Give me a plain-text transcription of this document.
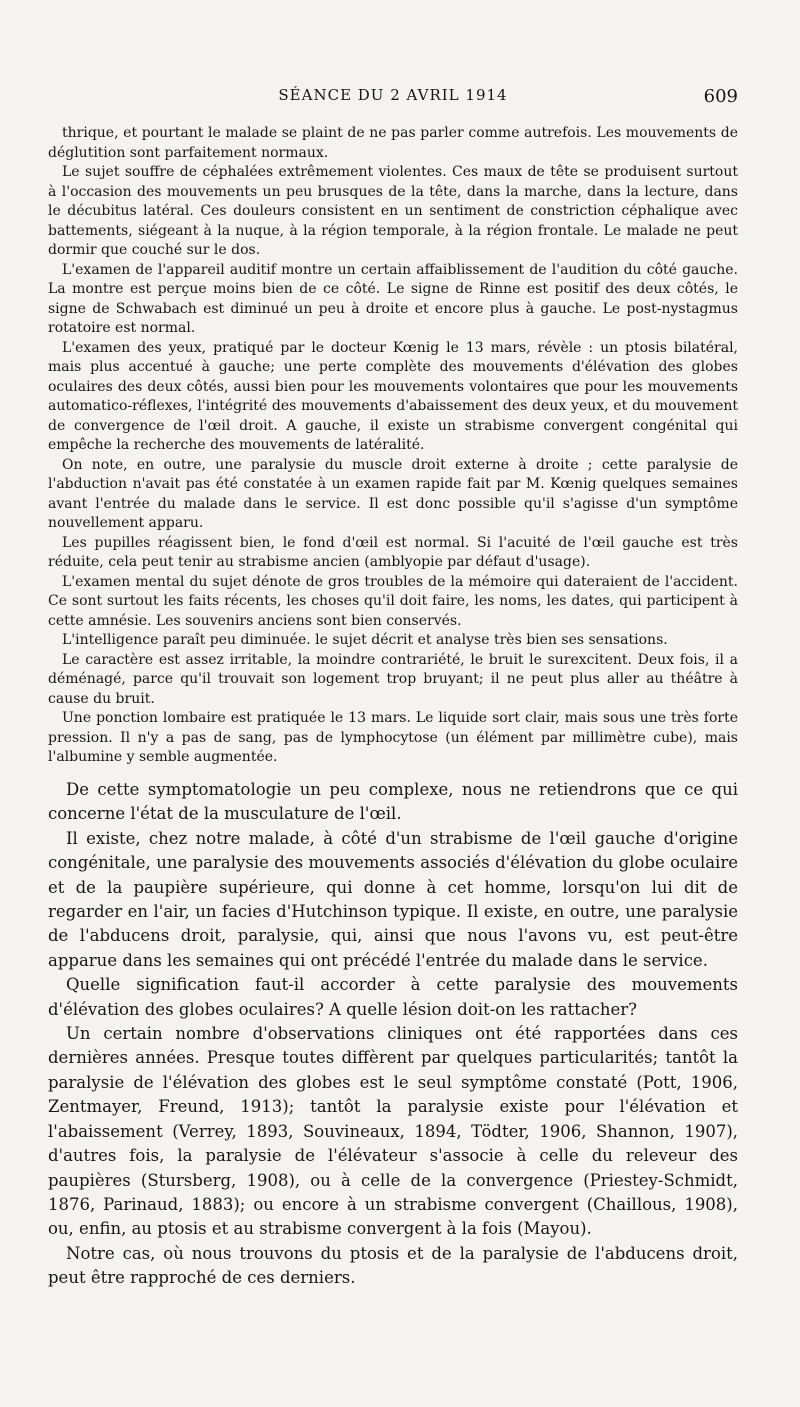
SÉANCE DU 2 AVRIL 1914	609

thrique, et pourtant le malade se plaint de ne pas parler comme autrefois. Les mouvements de déglutition sont parfaitement normaux.

Le sujet souffre de céphalées extrêmement violentes. Ces maux de tête se produisent surtout à l'occasion des mouvements un peu brusques de la tête, dans la marche, dans la lecture, dans le décubitus latéral. Ces douleurs consistent en un sentiment de constriction céphalique avec battements, siégeant à la nuque, à la région temporale, à la région frontale. Le malade ne peut dormir que couché sur le dos.

L'examen de l'appareil auditif montre un certain affaiblissement de l'audition du côté gauche. La montre est perçue moins bien de ce côté. Le signe de Rinne est positif des deux côtés, le signe de Schwabach est diminué un peu à droite et encore plus à gauche. Le post-nystagmus rotatoire est normal.

L'examen des yeux, pratiqué par le docteur Kœnig le 13 mars, révèle : un ptosis bilatéral, mais plus accentué à gauche; une perte complète des mouvements d'élévation des globes oculaires des deux côtés, aussi bien pour les mouvements volontaires que pour les mouvements automatico-réflexes, l'intégrité des mouvements d'abaissement des deux yeux, et du mouvement de convergence de l'œil droit. A gauche, il existe un strabisme convergent congénital qui empêche la recherche des mouvements de latéralité.

On note, en outre, une paralysie du muscle droit externe à droite ; cette paralysie de l'abduction n'avait pas été constatée à un examen rapide fait par M. Kœnig quelques semaines avant l'entrée du malade dans le service. Il est donc possible qu'il s'agisse d'un symptôme nouvellement apparu.

Les pupilles réagissent bien, le fond d'œil est normal. Si l'acuité de l'œil gauche est très réduite, cela peut tenir au strabisme ancien (amblyopie par défaut d'usage).

L'examen mental du sujet dénote de gros troubles de la mémoire qui dateraient de l'accident. Ce sont surtout les faits récents, les choses qu'il doit faire, les noms, les dates, qui participent à cette amnésie. Les souvenirs anciens sont bien conservés.

L'intelligence paraît peu diminuée. le sujet décrit et analyse très bien ses sensations.

Le caractère est assez irritable, la moindre contrariété, le bruit le surexcitent. Deux fois, il a déménagé, parce qu'il trouvait son logement trop bruyant; il ne peut plus aller au théâtre à cause du bruit.

Une ponction lombaire est pratiquée le 13 mars. Le liquide sort clair, mais sous une très forte pression. Il n'y a pas de sang, pas de lymphocytose (un élément par millimètre cube), mais l'albumine y semble augmentée.

De cette symptomatologie un peu complexe, nous ne retiendrons que ce qui concerne l'état de la musculature de l'œil.

Il existe, chez notre malade, à côté d'un strabisme de l'œil gauche d'origine congénitale, une paralysie des mouvements associés d'élévation du globe oculaire et de la paupière supérieure, qui donne à cet homme, lorsqu'on lui dit de regarder en l'air, un facies d'Hutchinson typique. Il existe, en outre, une paralysie de l'abducens droit, paralysie, qui, ainsi que nous l'avons vu, est peut-être apparue dans les semaines qui ont précédé l'entrée du malade dans le service.

Quelle signification faut-il accorder à cette paralysie des mouvements d'élévation des globes oculaires? A quelle lésion doit-on les rattacher?

Un certain nombre d'observations cliniques ont été rapportées dans ces dernières années. Presque toutes diffèrent par quelques particularités; tantôt la paralysie de l'élévation des globes est le seul symptôme constaté (Pott, 1906, Zentmayer, Freund, 1913); tantôt la paralysie existe pour l'élévation et l'abaissement (Verrey, 1893, Souvineaux, 1894, Tödter, 1906, Shannon, 1907), d'autres fois, la paralysie de l'élévateur s'associe à celle du releveur des paupières (Stursberg, 1908), ou à celle de la convergence (Priestey-Schmidt, 1876, Parinaud, 1883); ou encore à un strabisme convergent (Chaillous, 1908), ou, enfin, au ptosis et au strabisme convergent à la fois (Mayou).

Notre cas, où nous trouvons du ptosis et de la paralysie de l'abducens droit, peut être rapproché de ces derniers.
